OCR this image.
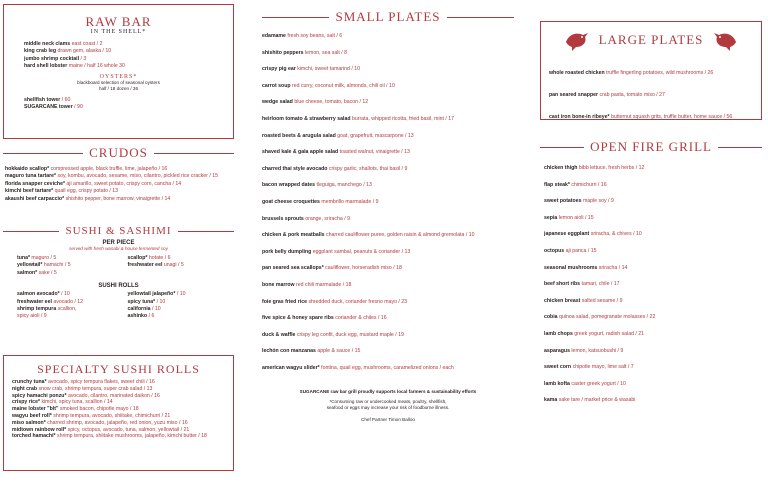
RAW BAR
IN THE SHELL*
middle neck clams east coast / 2
king crab leg drawn gem, alaska / 10
jumbo shrimp cocktail / 3
hard shell lobster maine / half 16 whole 30
OYSTERS*
blackboard selection of seasonal oysters
half / 18 dozen / 36
shellfish tower / 60
SUGARCANE tower / 90
CRUDOS
hokkaido scallop* compressed apple, black truffle, lime, jalapeño / 16
maguro tuna tartare* soy, kombu, avocado, sesame, miso, cilantro, pickled rice cracker / 15
florida snapper ceviche* aji amarillo, sweet potato, crispy corn, cancha / 14
kimchi beef tartare* quail egg, crispy potato / 13
akaushi beef carpaccio* shishito pepper, bone marrow, vinaigrette / 14
SUSHI & SASHIMI
PER PIECE
served with fresh wasabi & house fermented soy
tuna* maguro / 5	scallop* hotate / 6
yellowtail* hamachi / 5	freshwater eel unagi / 5
salmon* sake / 5
SUSHI ROLLS
salmon avocado* / 10	yellowtail jalapeño* / 10
freshwater eel avocado / 12	spicy tuna* / 10
shrimp tempura scallion,	california / 10
spicy aioli / 9	ashinko / 6
SPECIALTY SUSHI ROLLS
crunchy tuna* avocado, spicy tempura flakes, sweet chili / 16
night crab snow crab, shrimp tempura, super crab salad / 13
spicy hamachi ponzu* avocado, cilantro, marinated daikon / 16
crispy rice* kimchi, spicy tuna, scallion / 14
maine lobster "blt" smoked bacon, chipotle mayo / 18
wagyu beef roll* shrimp tempura, avocado, shiitake, chimichurri / 21
miso salmon* charred shrimp, avocado, jalapeño, red onion, yuzu miso / 16
midtown rainbow roll* spicy, octopus, avocado, tuna, salmon, yellowtail / 21
torched hamachi* shrimp tempura, shiitake mushrooms, jalapeño, kimchi butter / 18
SMALL PLATES
edamame fresh soy beans, salt / 6
shishito peppers lemon, sea salt / 8
crispy pig ear kimchi, sweet tamarind / 10
carrot soup red curry, coconut milk, almonds, chili oil / 10
wedge salad blue cheese, tomato, bacon / 12
heirloom tomato & strawberry salad burrata, whipped ricotta, fried basil, mint / 17
roasted beets & arugula salad goat, grapefruit, mascarpone / 13
shaved kale & gala apple salad toasted walnut, vinaigrette / 13
charred thai style avocado crispy garlic, shallots, thai basil / 9
bacon wrapped dates tleguiga, manchego / 13
goat cheese croquettes membrillo marmalade / 9
brussels sprouts orange, sriracha / 9
chicken & pork meatballs charred cauliflower puree, golden raisin & almond gremolata / 10
pork belly dumpling eggplant sambal, peanuts & coriander / 13
pan seared sea scallops* cauliflower, horseradish miso / 18
bone marrow red chili marmalade / 18
foie gras fried rice shredded duck, coriander fresno mayo / 23
five spice & honey spare ribs coriander & chiles / 16
duck & waffle crispy leg confit, duck egg, mustard maple / 19
lechón con manzanas apple & sauce / 15
american wagyu slider* fontina, quail egg, mushrooms, caramelized onions / each
SUGARCANE raw bar grill proudly supports local farmers & sustainability efforts
*Consuming raw or undercooked meats, poultry, shellfish,
seafood or eggs may increase your risk of foodborne illness.
Chef Partner Timon Balloo
LARGE PLATES
whole roasted chicken truffle fingerling potatoes, wild mushrooms / 26
pan seared snapper crab pasta, tomato miso / 27
cast iron bone-in ribeye* butternut squash grits, truffle butter, home sauce / 56
OPEN FIRE GRILL
chicken thigh bibb lettuce, fresh herbs / 12
flap steak* chimichurri / 16
sweet potatoes maple soy / 9
sepia lemon aioli / 15
japanese eggplant sriracha, & chives / 10
octopus aji panca / 15
seasonal mushrooms sriracha / 14
beef short ribs tamari, chile / 17
chicken breast salted sesame / 9
cobia quinoa salad, pomegranate molasses / 22
lamb chops greek yogurt, radish salad / 21
asparagus lemon, katsuobushi / 9
sweet corn chipotle mayo, lime salt / 7
lamb kofta caster greek yogurt / 10
kama sake tare / market price & wasabi
